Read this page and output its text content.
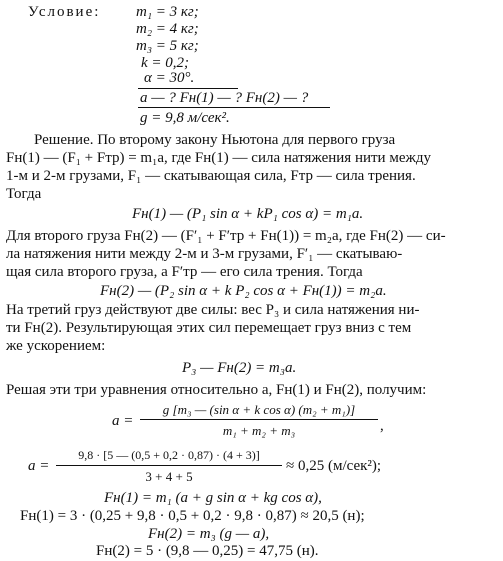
Условие: m₁ = 3 кг;
m₂ = 4 кг;
m₃ = 5 кг;
k = 0,2;
α = 30°.
a — ? Fн(1) — ? Fн(2) — ?
g = 9,8 м/сек².
Решение. По второму закону Ньютона для первого груза
Fн(1) — (F₁ + Fтр) = m₁a, где Fн(1) — сила натяжения нити между
1-м и 2-м грузами, F₁ — скатывающая сила, Fтр — сила трения.
Тогда
Fн(1) — (P₁ sin α + kP₁ cos α) = m₁a.
Для второго груза Fн(2) — (F′₁ + F′тр + Fн(1)) = m₂a, где Fн(2) — си-
ла натяжения нити между 2-м и 3-м грузами, F′₁ — скатываю-
щая сила второго груза, а F′тр — его сила трения. Тогда
Fн(2) — (P₂ sin α + k P₂ cos α + Fн(1)) = m₂a.
На третий груз действуют две силы: вес P₃ и сила натяжения ни-
ти Fн(2). Результирующая этих сил перемещает груз вниз с тем
же ускорением:
P₃ — Fн(2) = m₃a.
Решая эти три уравнения относительно a, Fн(1) и Fн(2), получим:
a =
g [m₃ — (sin α + k cos α) (m₂ + m₁)]
m₁ + m₂ + m₃	,
a =
9,8 · [5 — (0,5 + 0,2 · 0,87) · (4 + 3)]
3 + 4 + 5
≈ 0,25 (м/сек²);
Fн(1) = m₁ (a + g sin α + kg cos α),
Fн(1) = 3 · (0,25 + 9,8 · 0,5 + 0,2 · 9,8 · 0,87) ≈ 20,5 (н);
Fн(2) = m₃ (g — a),
Fн(2) = 5 · (9,8 — 0,25) = 47,75 (н).
